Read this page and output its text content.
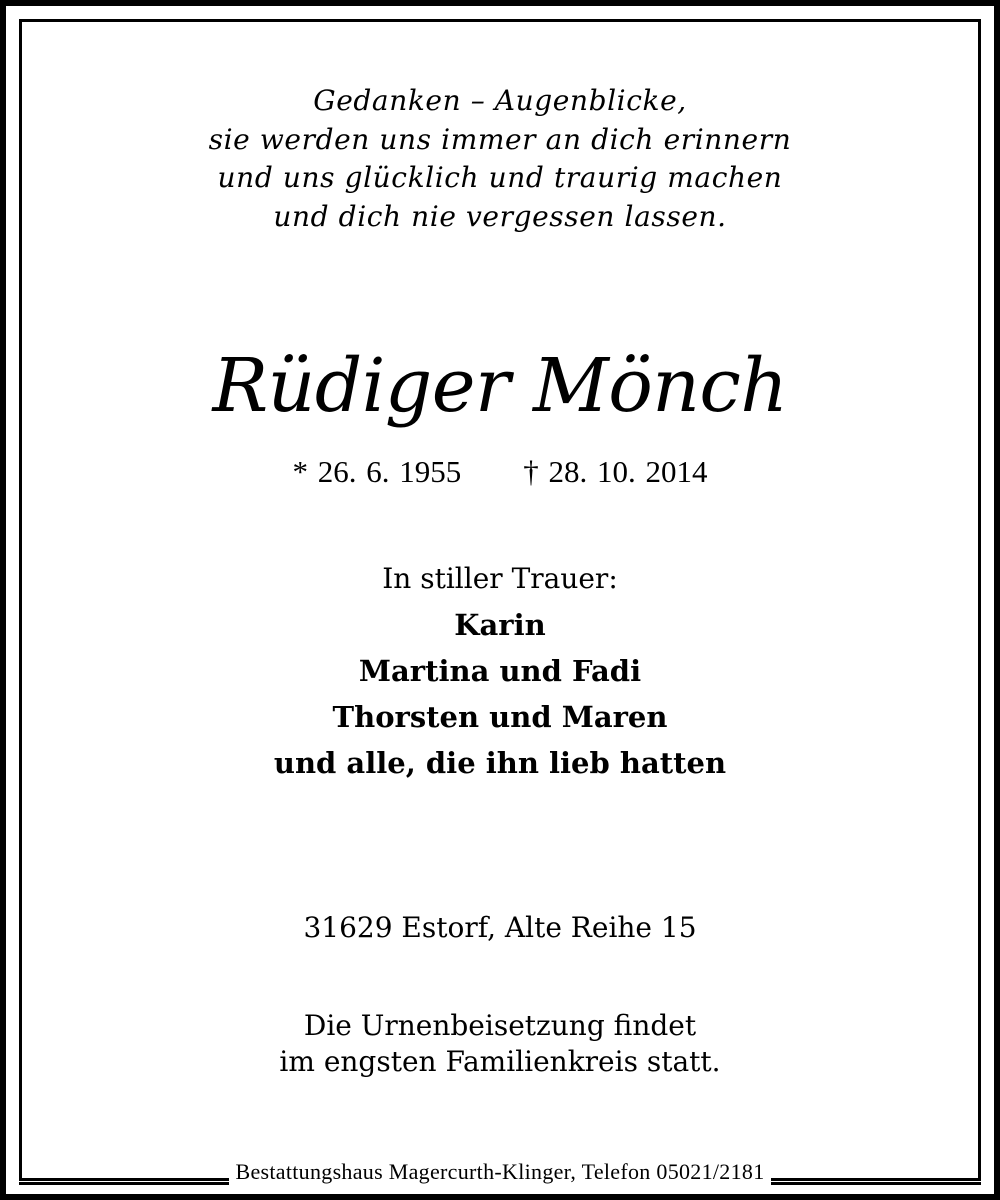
Gedanken – Augenblicke,
sie werden uns immer an dich erinnern
und uns glücklich und traurig machen
und dich nie vergessen lassen.
Rüdiger Mönch
* 26. 6. 1955 † 28. 10. 2014
In stiller Trauer:
Karin
Martina und Fadi
Thorsten und Maren
und alle, die ihn lieb hatten
31629 Estorf, Alte Reihe 15
Die Urnenbeisetzung findet
im engsten Familienkreis statt.
Bestattungshaus Magercurth-Klinger, Telefon 05021/2181
